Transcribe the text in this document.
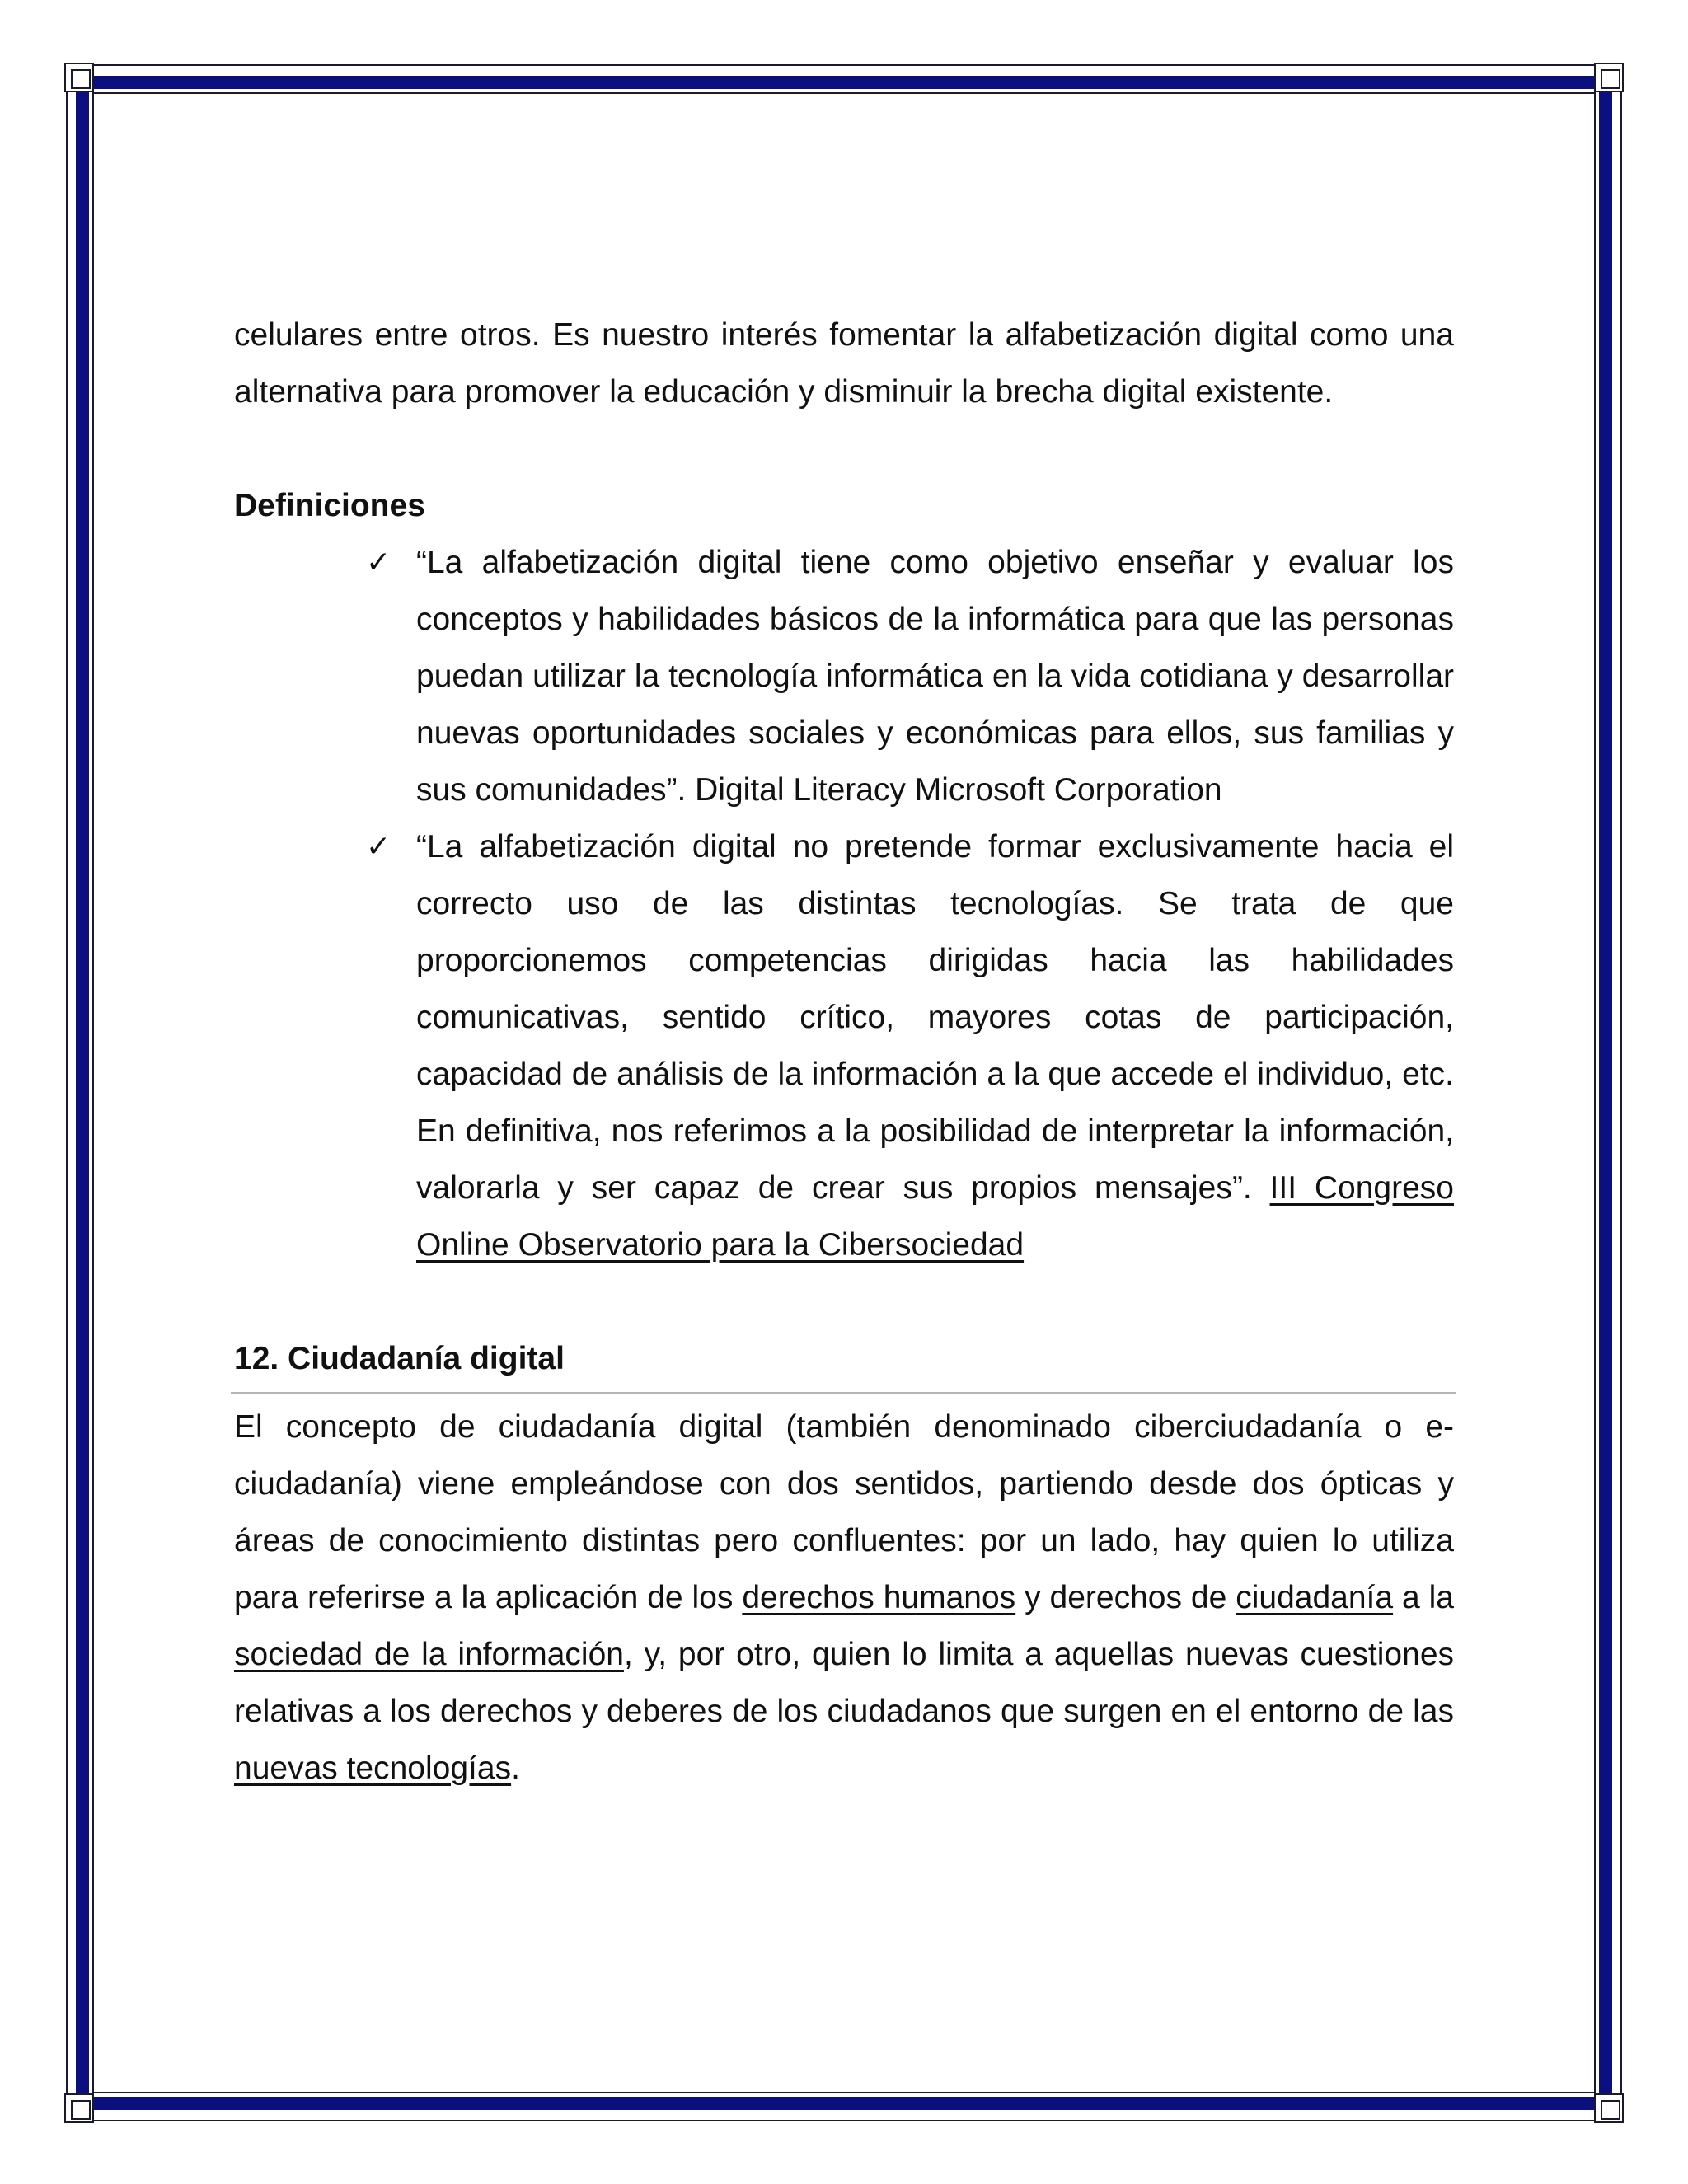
celulares entre otros. Es nuestro interés fomentar la alfabetización digital como una alternativa para promover la educación y disminuir la brecha digital existente.

Definiciones

✓ “La alfabetización digital tiene como objetivo enseñar y evaluar los conceptos y habilidades básicos de la informática para que las personas puedan utilizar la tecnología informática en la vida cotidiana y desarrollar nuevas oportunidades sociales y económicas para ellos, sus familias y sus comunidades”. Digital Literacy Microsoft Corporation
✓ “La alfabetización digital no pretende formar exclusivamente hacia el correcto uso de las distintas tecnologías. Se trata de que proporcionemos competencias dirigidas hacia las habilidades comunicativas, sentido crítico, mayores cotas de participación, capacidad de análisis de la información a la que accede el individuo, etc. En definitiva, nos referimos a la posibilidad de interpretar la información, valorarla y ser capaz de crear sus propios mensajes”. III Congreso Online Observatorio para la Cibersociedad

12. Ciudadanía digital

El concepto de ciudadanía digital (también denominado ciberciudadanía o e-ciudadanía) viene empleándose con dos sentidos, partiendo desde dos ópticas y áreas de conocimiento distintas pero confluentes: por un lado, hay quien lo utiliza para referirse a la aplicación de los derechos humanos y derechos de ciudadanía a la sociedad de la información, y, por otro, quien lo limita a aquellas nuevas cuestiones relativas a los derechos y deberes de los ciudadanos que surgen en el entorno de las nuevas tecnologías.
